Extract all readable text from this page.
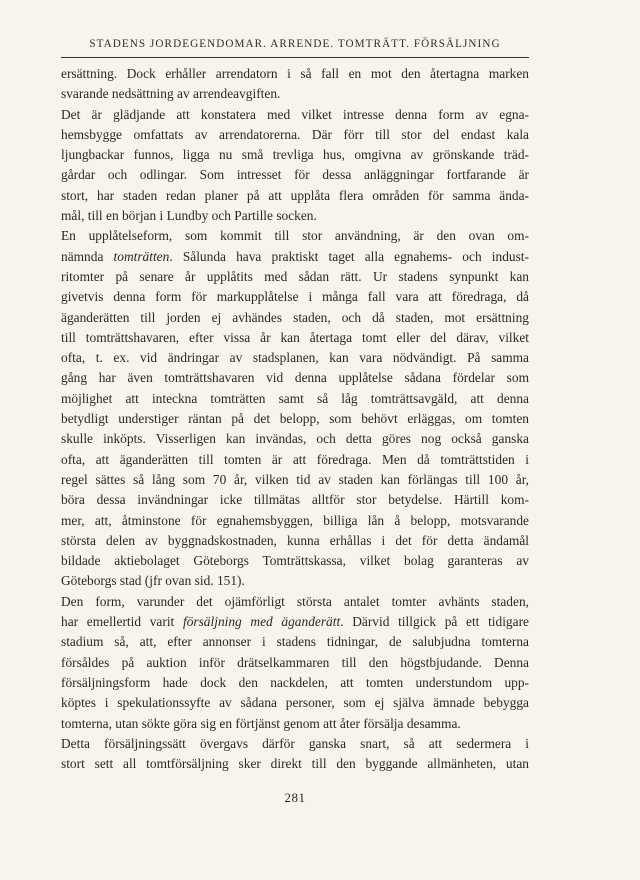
STADENS JORDEGENDOMAR. ARRENDE. TOMTRÄTT. FÖRSÄLJNING
ersättning. Dock erhåller arrendatorn i så fall en mot den återtagna marken
svarande nedsättning av arrendeavgiften.
Det är glädjande att konstatera med vilket intresse denna form av egna-
hemsbygge omfattats av arrendatorerna. Där förr till stor del endast kala
ljungbackar funnos, ligga nu små trevliga hus, omgivna av grönskande träd-
gårdar och odlingar. Som intresset för dessa anläggningar fortfarande är
stort, har staden redan planer på att upplåta flera områden för samma ända-
mål, till en början i Lundby och Partille socken.
En upplåtelseform, som kommit till stor användning, är den ovan om-
nämnda tomträtten. Sålunda hava praktiskt taget alla egnahems- och indust-
ritomter på senare år upplåtits med sådan rätt. Ur stadens synpunkt kan
givetvis denna form för markupplåtelse i många fall vara att föredraga, då
äganderätten till jorden ej avhändes staden, och då staden, mot ersättning
till tomträttshavaren, efter vissa år kan återtaga tomt eller del därav, vilket
ofta, t. ex. vid ändringar av stadsplanen, kan vara nödvändigt. På samma
gång har även tomträttshavaren vid denna upplåtelse sådana fördelar som
möjlighet att inteckna tomträtten samt så låg tomträttsavgäld, att denna
betydligt understiger räntan på det belopp, som behövt erläggas, om tomten
skulle inköpts. Visserligen kan invändas, och detta göres nog också ganska
ofta, att äganderätten till tomten är att föredraga. Men då tomträttstiden i
regel sättes så lång som 70 år, vilken tid av staden kan förlängas till 100 år,
böra dessa invändningar icke tillmätas alltför stor betydelse. Härtill kom-
mer, att, åtminstone för egnahemsbyggen, billiga lån å belopp, motsvarande
största delen av byggnadskostnaden, kunna erhållas i det för detta ändamål
bildade aktiebolaget Göteborgs Tomträttskassa, vilket bolag garanteras av
Göteborgs stad (jfr ovan sid. 151).
Den form, varunder det ojämförligt största antalet tomter avhänts staden,
har emellertid varit försäljning med äganderätt. Därvid tillgick på ett tidigare
stadium så, att, efter annonser i stadens tidningar, de salubjudna tomterna
försåldes på auktion inför drätselkammaren till den högstbjudande. Denna
försäljningsform hade dock den nackdelen, att tomten understundom upp-
köptes i spekulationssyfte av sådana personer, som ej själva ämnade bebygga
tomterna, utan sökte göra sig en förtjänst genom att åter försälja desamma.
Detta försäljningssätt övergavs därför ganska snart, så att sedermera i
stort sett all tomtförsäljning sker direkt till den byggande allmänheten, utan
281
